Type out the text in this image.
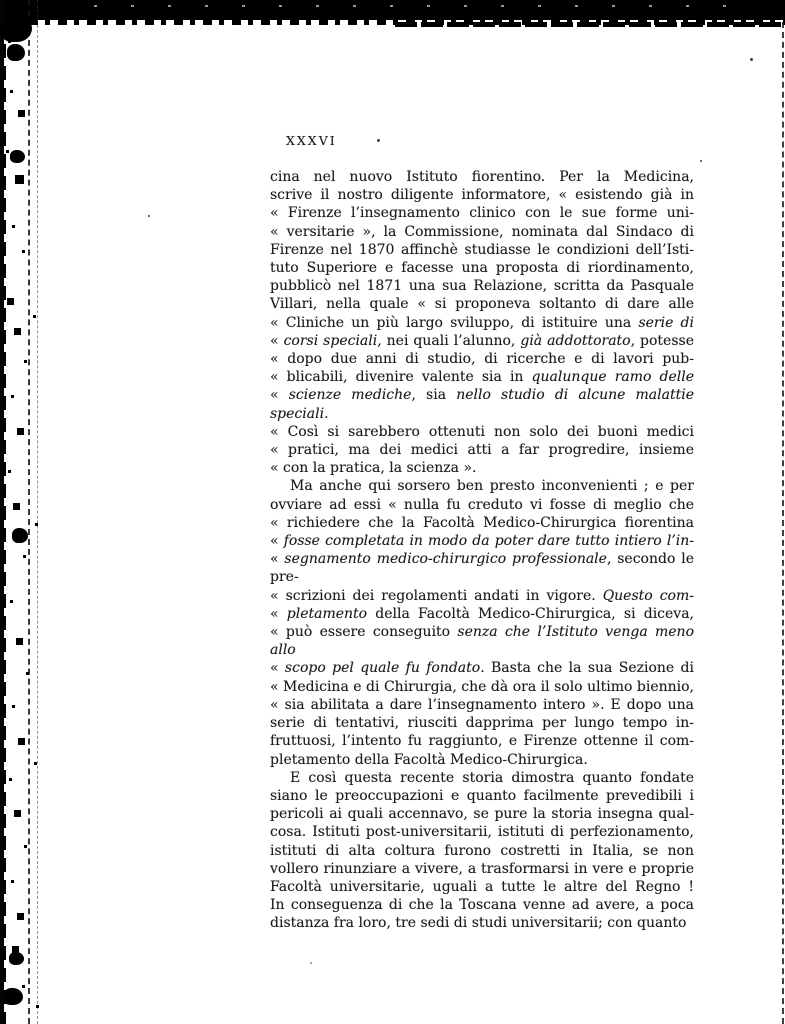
XXXVI
cina nel nuovo Istituto fiorentino. Per la Medicina,
scrive il nostro diligente informatore, « esistendo già in
« Firenze l’insegnamento clinico con le sue forme uni-
« versitarie », la Commissione, nominata dal Sindaco di
Firenze nel 1870 affinchè studiasse le condizioni dell’Isti-
tuto Superiore e facesse una proposta di riordinamento,
pubblicò nel 1871 una sua Relazione, scritta da Pasquale
Villari, nella quale « si proponeva soltanto di dare alle
« Cliniche un più largo sviluppo, di istituire una serie di
« corsi speciali, nei quali l’alunno, già addottorato, potesse
« dopo due anni di studio, di ricerche e di lavori pub-
« blicabili, divenire valente sia in qualunque ramo delle
« scienze mediche, sia nello studio di alcune malattie speciali.
« Così si sarebbero ottenuti non solo dei buoni medici
« pratici, ma dei medici atti a far progredire, insieme
« con la pratica, la scienza ».
Ma anche qui sorsero ben presto inconvenienti ; e per
ovviare ad essi « nulla fu creduto vi fosse di meglio che
« richiedere che la Facoltà Medico-Chirurgica fiorentina
« fosse completata in modo da poter dare tutto intiero l’in-
« segnamento medico-chirurgico professionale, secondo le pre-
« scrizioni dei regolamenti andati in vigore. Questo com-
« pletamento della Facoltà Medico-Chirurgica, si diceva,
« può essere conseguito senza che l’Istituto venga meno allo
« scopo pel quale fu fondato. Basta che la sua Sezione di
« Medicina e di Chirurgia, che dà ora il solo ultimo biennio,
« sia abilitata a dare l’insegnamento intero ». E dopo una
serie di tentativi, riusciti dapprima per lungo tempo in-
fruttuosi, l’intento fu raggiunto, e Firenze ottenne il com-
pletamento della Facoltà Medico-Chirurgica.
E così questa recente storia dimostra quanto fondate
siano le preoccupazioni e quanto facilmente prevedibili i
pericoli ai quali accennavo, se pure la storia insegna qual-
cosa. Istituti post-universitarii, istituti di perfezionamento,
istituti di alta coltura furono costretti in Italia, se non
vollero rinunziare a vivere, a trasformarsi in vere e proprie
Facoltà universitarie, uguali a tutte le altre del Regno !
In conseguenza di che la Toscana venne ad avere, a poca
distanza fra loro, tre sedi di studi universitarii; con quanto
